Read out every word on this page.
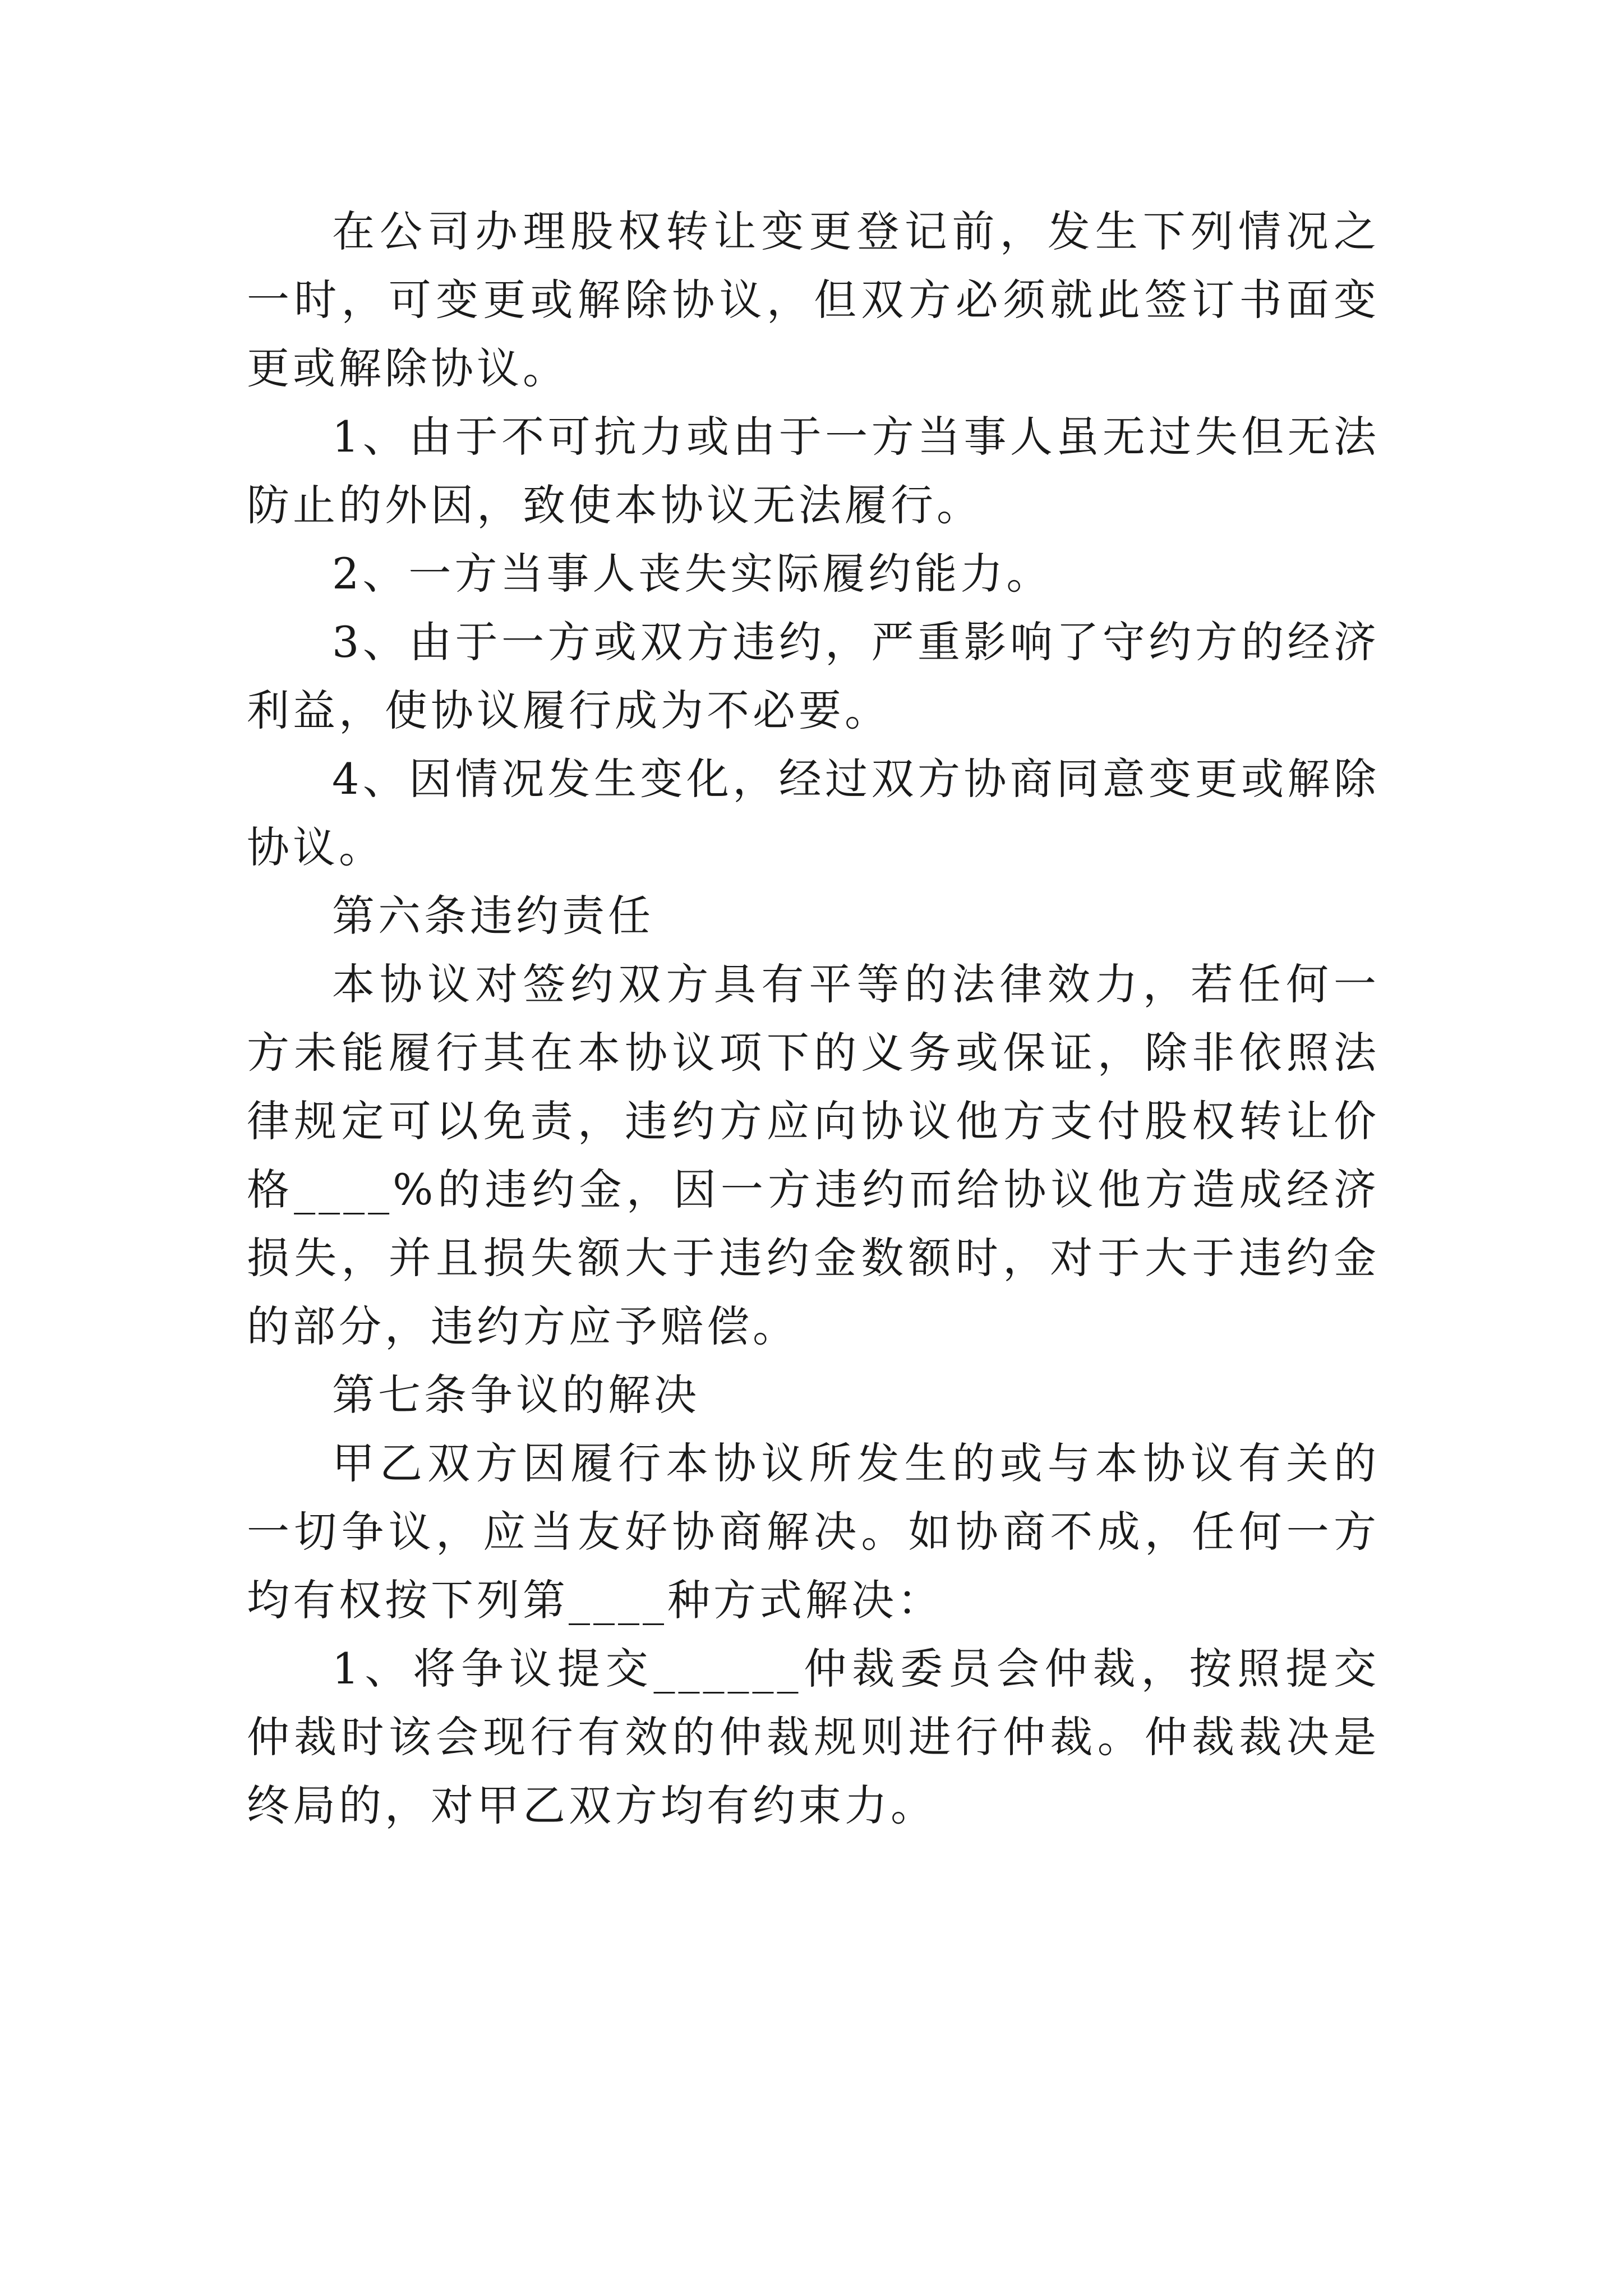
在公司办理股权转让变更登记前，发生下列情况之一时，可变更或解除协议，但双方必须就此签订书面变更或解除协议。

1、由于不可抗力或由于一方当事人虽无过失但无法防止的外因，致使本协议无法履行。

2、一方当事人丧失实际履约能力。

3、由于一方或双方违约，严重影响了守约方的经济利益，使协议履行成为不必要。

4、因情况发生变化，经过双方协商同意变更或解除协议。

第六条违约责任

本协议对签约双方具有平等的法律效力，若任何一方未能履行其在本协议项下的义务或保证，除非依照法律规定可以免责，违约方应向协议他方支付股权转让价格____%的违约金，因一方违约而给协议他方造成经济损失，并且损失额大于违约金数额时，对于大于违约金的部分，违约方应予赔偿。

第七条争议的解决

甲乙双方因履行本协议所发生的或与本协议有关的一切争议，应当友好协商解决。如协商不成，任何一方均有权按下列第____种方式解决：

1、将争议提交______仲裁委员会仲裁，按照提交仲裁时该会现行有效的仲裁规则进行仲裁。仲裁裁决是终局的，对甲乙双方均有约束力。
